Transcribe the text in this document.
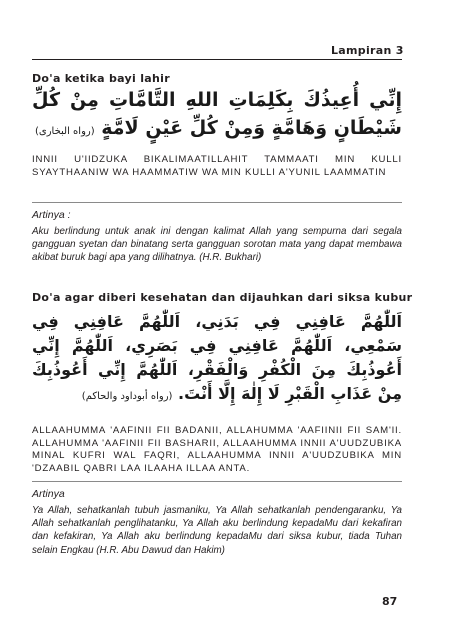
Lampiran 3
Do'a ketika bayi lahir
إِنِّي أُعِيذُكَ بِكَلِمَاتِ اللهِ التَّامَّاتِ مِنْ كُلِّ شَيْطَانٍ وَهَامَّةٍ وَمِنْ كُلِّ عَيْنٍ لَامَّةٍ (رواه البخارى)
INNII U'IIDZUKA BIKALIMAATILLAHIT TAMMAATI MIN KULLI SYAYTHAANIW WA HAAMMATIW WA MIN KULLI A'YUNIL LAAMMATIN
Artinya :
Aku berlindung untuk anak ini dengan kalimat Allah yang sempurna dari segala gangguan syetan dan binatang serta gangguan sorotan mata yang dapat membawa akibat buruk bagi apa yang dilihatnya. (H.R. Bukhari)
Do'a agar diberi kesehatan dan dijauhkan dari siksa kubur
اَللّٰهُمَّ عَافِنِي فِي بَدَنِي، اَللّٰهُمَّ عَافِنِي فِي سَمْعِي، اَللّٰهُمَّ عَافِنِي فِي بَصَرِي، اَللّٰهُمَّ إِنِّي أَعُوذُبِكَ مِنَ الْكُفْرِ وَالْفَقْرِ، اَللّٰهُمَّ إِنِّي أَعُوذُبِكَ مِنْ عَذَابِ الْقَبْرِ لَا إِلٰهَ إِلَّا أَنْتَ. (رواه أبوداود والحاكم)
ALLAAHUMMA 'AAFINII FII BADANII, ALLAHUMMA 'AAFIINII FII SAM'II. ALLAHUMMA 'AAFINII FII BASHARII, ALLAAHUMMA INNII A'UUDZUBIKA MINAL KUFRI WAL FAQRI, ALLAAHUMMA INNII A'UUDZUBIKA MIN 'DZAABIL QABRI LAA ILAAHA ILLAA ANTA.
Artinya
Ya Allah, sehatkanlah tubuh jasmaniku, Ya Allah sehatkanlah pendengaranku, Ya Allah sehatkanlah penglihatanku, Ya Allah aku berlindung kepadaMu dari kekafiran dan kefakiran, Ya Allah aku berlindung kepadaMu dari siksa kubur, tiada Tuhan selain Engkau (H.R. Abu Dawud dan Hakim)
87
